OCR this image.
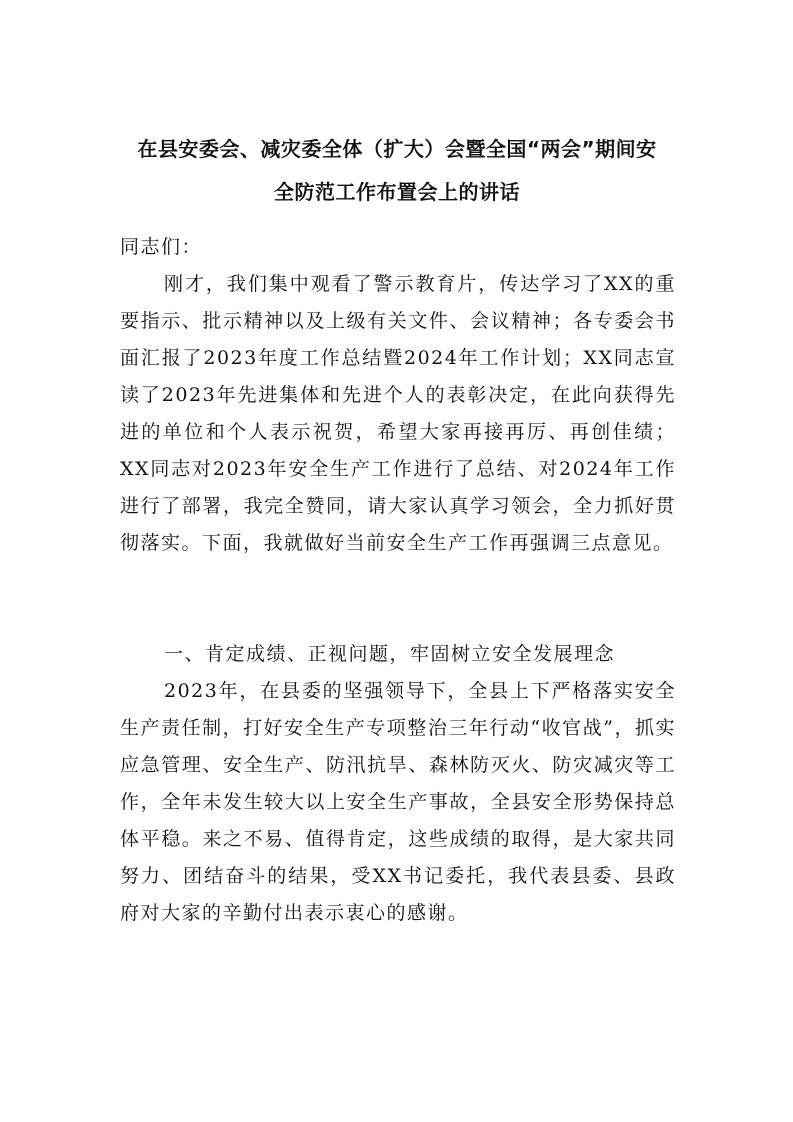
在县安委会、减灾委全体（扩大）会暨全国“两会”期间安
全防范工作布置会上的讲话

同志们：

刚才，我们集中观看了警示教育片，传达学习了XX的重要指示、批示精神以及上级有关文件、会议精神；各专委会书面汇报了2023年度工作总结暨2024年工作计划；XX同志宣读了2023年先进集体和先进个人的表彰决定，在此向获得先进的单位和个人表示祝贺，希望大家再接再厉、再创佳绩；XX同志对2023年安全生产工作进行了总结、对2024年工作进行了部署，我完全赞同，请大家认真学习领会，全力抓好贯彻落实。下面，我就做好当前安全生产工作再强调三点意见。

一、肯定成绩、正视问题，牢固树立安全发展理念

2023年，在县委的坚强领导下，全县上下严格落实安全生产责任制，打好安全生产专项整治三年行动“收官战”，抓实应急管理、安全生产、防汛抗旱、森林防灭火、防灾减灾等工作，全年未发生较大以上安全生产事故，全县安全形势保持总体平稳。来之不易、值得肯定，这些成绩的取得，是大家共同努力、团结奋斗的结果，受XX书记委托，我代表县委、县政府对大家的辛勤付出表示衷心的感谢。
